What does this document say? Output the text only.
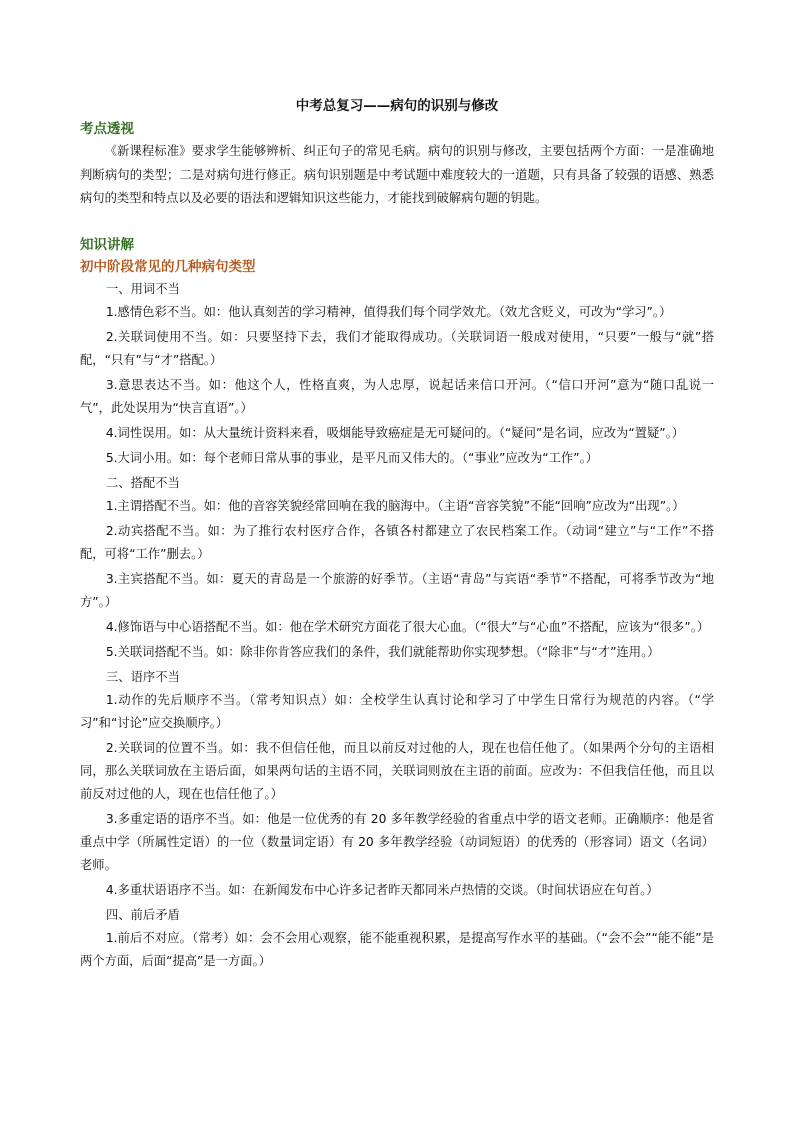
中考总复习——病句的识别与修改
考点透视
《新课程标准》要求学生能够辨析、纠正句子的常见毛病。病句的识别与修改，主要包括两个方面：一是准确地判断病句的类型；二是对病句进行修正。病句识别题是中考试题中难度较大的一道题，只有具备了较强的语感、熟悉病句的类型和特点以及必要的语法和逻辑知识这些能力，才能找到破解病句题的钥匙。
知识讲解
初中阶段常见的几种病句类型
一、用词不当
1.感情色彩不当。如：他认真刻苦的学习精神，值得我们每个同学效尤。（效尤含贬义，可改为“学习”。）
2.关联词使用不当。如：只要坚持下去，我们才能取得成功。（关联词语一般成对使用，“只要”一般与“就”搭配，“只有”与“才”搭配。）
3.意思表达不当。如：他这个人，性格直爽，为人忠厚，说起话来信口开河。（“信口开河”意为“随口乱说一气”，此处误用为“快言直语”。）
4.词性误用。如：从大量统计资料来看，吸烟能导致癌症是无可疑问的。（“疑问”是名词，应改为“置疑”。）
5.大词小用。如：每个老师日常从事的事业，是平凡而又伟大的。（“事业”应改为“工作”。）
二、搭配不当
1.主谓搭配不当。如：他的音容笑貌经常回响在我的脑海中。（主语“音容笑貌”不能“回响”应改为“出现”。）
2.动宾搭配不当。如：为了推行农村医疗合作，各镇各村都建立了农民档案工作。（动词“建立”与“工作”不搭配，可将“工作”删去。）
3.主宾搭配不当。如：夏天的青岛是一个旅游的好季节。（主语“青岛”与宾语“季节”不搭配，可将季节改为“地方”。）
4.修饰语与中心语搭配不当。如：他在学术研究方面花了很大心血。（“很大”与“心血”不搭配，应该为“很多”。）
5.关联词搭配不当。如：除非你肯答应我们的条件，我们就能帮助你实现梦想。（“除非”与“才”连用。）
三、语序不当
1.动作的先后顺序不当。（常考知识点）如：全校学生认真讨论和学习了中学生日常行为规范的内容。（“学习”和“讨论”应交换顺序。）
2.关联词的位置不当。如：我不但信任他，而且以前反对过他的人，现在也信任他了。（如果两个分句的主语相同，那么关联词放在主语后面，如果两句话的主语不同，关联词则放在主语的前面。应改为：不但我信任他，而且以前反对过他的人，现在也信任他了。）
3.多重定语的语序不当。如：他是一位优秀的有 20 多年教学经验的省重点中学的语文老师。正确顺序：他是省重点中学（所属性定语）的一位（数量词定语）有 20 多年教学经验（动词短语）的优秀的（形容词）语文（名词）老师。
4.多重状语语序不当。如：在新闻发布中心许多记者昨天都同米卢热情的交谈。（时间状语应在句首。）
四、前后矛盾
1.前后不对应。（常考）如：会不会用心观察，能不能重视积累，是提高写作水平的基础。（“会不会”“能不能”是两个方面，后面“提高”是一方面。）
